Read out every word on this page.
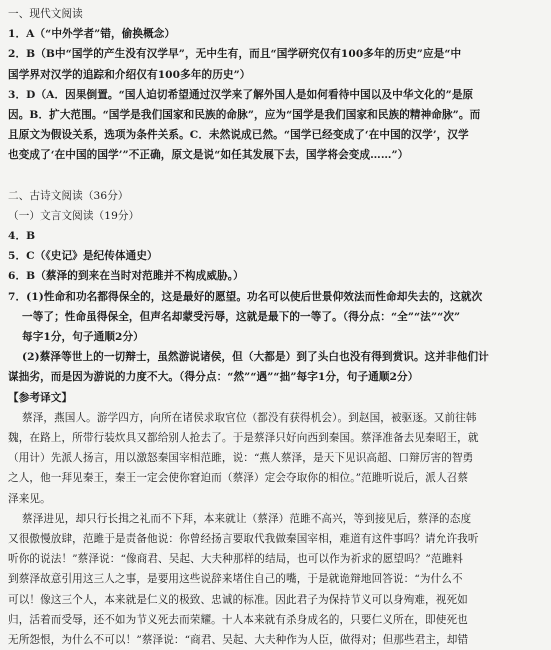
一、现代文阅读
1．A（“中外学者”错，偷换概念）
2．B（B中“国学的产生没有汉学早”，无中生有，而且“国学研究仅有100多年的历史”应是“中
国学界对汉学的追踪和介绍仅有100多年的历史”）
3．D（A．因果倒置。“国人迫切希望通过汉学来了解外国人是如何看待中国以及中华文化的”是原
因。B．扩大范围。“国学是我们国家和民族的命脉”，应为“国学是我们国家和民族的精神命脉”。而
且原文为假设关系，选项为条件关系。C．未然说成已然。“国学已经变成了‘在中国的汉学’，汉学
也变成了‘在中国的国学’”不正确，原文是说“如任其发展下去，国学将会变成……”）
二、古诗文阅读（36分）
（一）文言文阅读（19分）
4．B
5．C（《史记》是纪传体通史）
6．B（蔡泽的到来在当时对范雎并不构成威胁。）
7．(1)性命和功名都得保全的，这是最好的愿望。功名可以使后世景仰效法而性命却失去的，这就次
一等了；性命虽得保全，但声名却蒙受污辱，这就是最下的一等了。（得分点：“全”“法”“次”
每字1分，句子通顺2分）
(2)蔡泽等世上的一切辩士，虽然游说诸侯，但（大都是）到了头白也没有得到赏识。这并非他们计
谋拙劣，而是因为游说的力度不大。（得分点：“然”“遇”“拙”每字1分，句子通顺2分）
【参考译文】
蔡泽，燕国人。游学四方，向所在诸侯求取官位（都没有获得机会）。到赵国，被驱逐。又前往韩
魏，在路上，所带行装炊具又都给别人抢去了。于是蔡泽只好向西到秦国。蔡泽准备去见秦昭王，就
（用计）先派人扬言，用以激怒秦国宰相范雎，说：“燕人蔡泽，是天下见识高超、口辩厉害的智勇
之人，他一拜见秦王，秦王一定会使你窘迫而（蔡泽）定会夺取你的相位。”范雎听说后，派人召蔡
泽来见。
蔡泽进见，却只行长揖之礼而不下拜，本来就让（蔡泽）范雎不高兴，等到接见后，蔡泽的态度
又很傲慢放肆，范雎于是责备他说：你曾经扬言要取代我做秦国宰相，难道有这件事吗？请允许我听
听你的说法！”蔡泽说：“像商君、吴起、大夫种那样的结局，也可以作为祈求的愿望吗？”范雎料
到蔡泽故意引用这三人之事，是要用这些说辞来堵住自己的嘴，于是就诡辩地回答说：“为什么不
可以！像这三个人，本来就是仁义的极致、忠诚的标准。因此君子为保持节义可以身殉难，视死如
归，活着而受辱，还不如为节义死去而荣耀。十人本来就有杀身成名的，只要仁义所在，即使死也
无所怨恨，为什么不可以！”蔡泽说：“商君、吴起、大夫种作为人臣，做得对；但那些君主，却错
